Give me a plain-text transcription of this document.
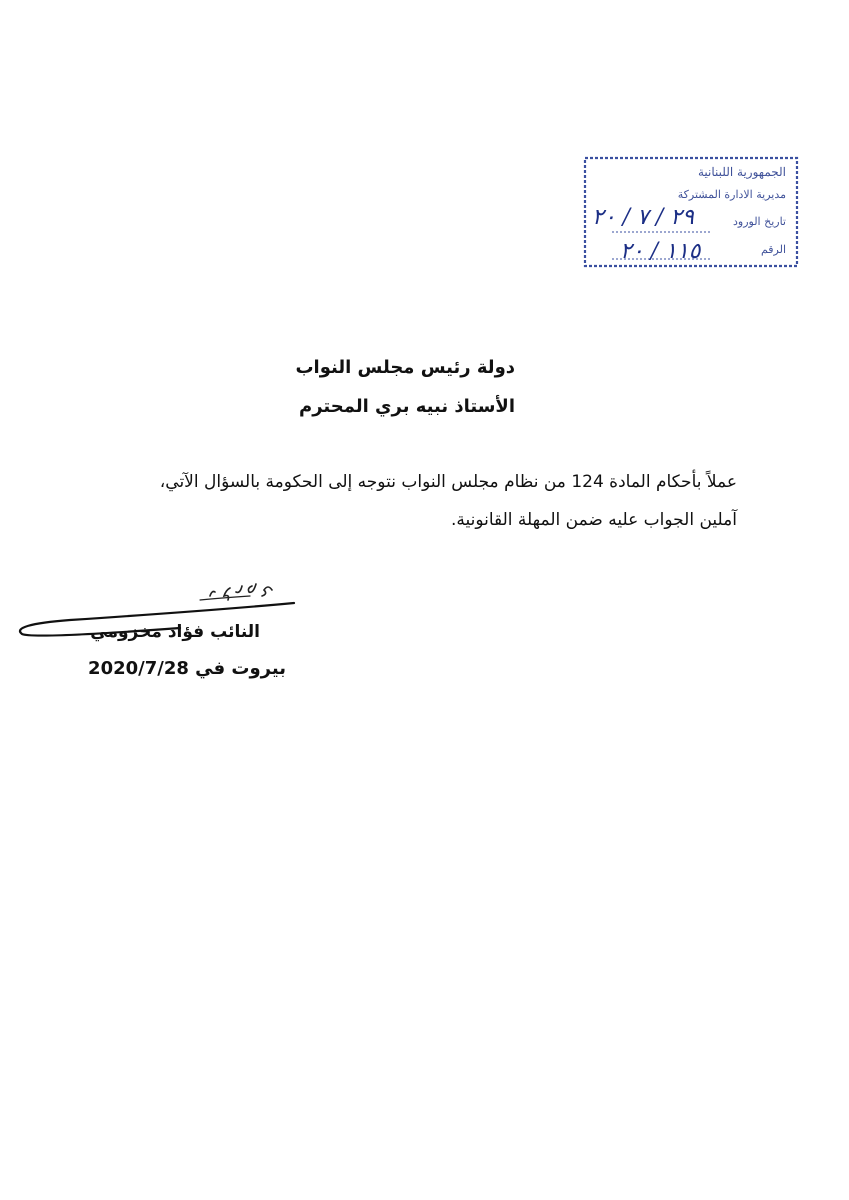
الجمهورية اللبنانية
مديرية الادارة المشتركة
تاريخ الورود
الرقم
٢٩ / ٧ / ٢٠
١١٥ / ٢٠
دولة رئيس مجلس النواب
الأستاذ نبيه بري المحترم
عملاً بأحكام المادة 124 من نظام مجلس النواب نتوجه إلى الحكومة بالسؤال الآتي،
آملين الجواب عليه ضمن المهلة القانونية.
النائب فؤاد مخزومي
بيروت في 2020/7/28
